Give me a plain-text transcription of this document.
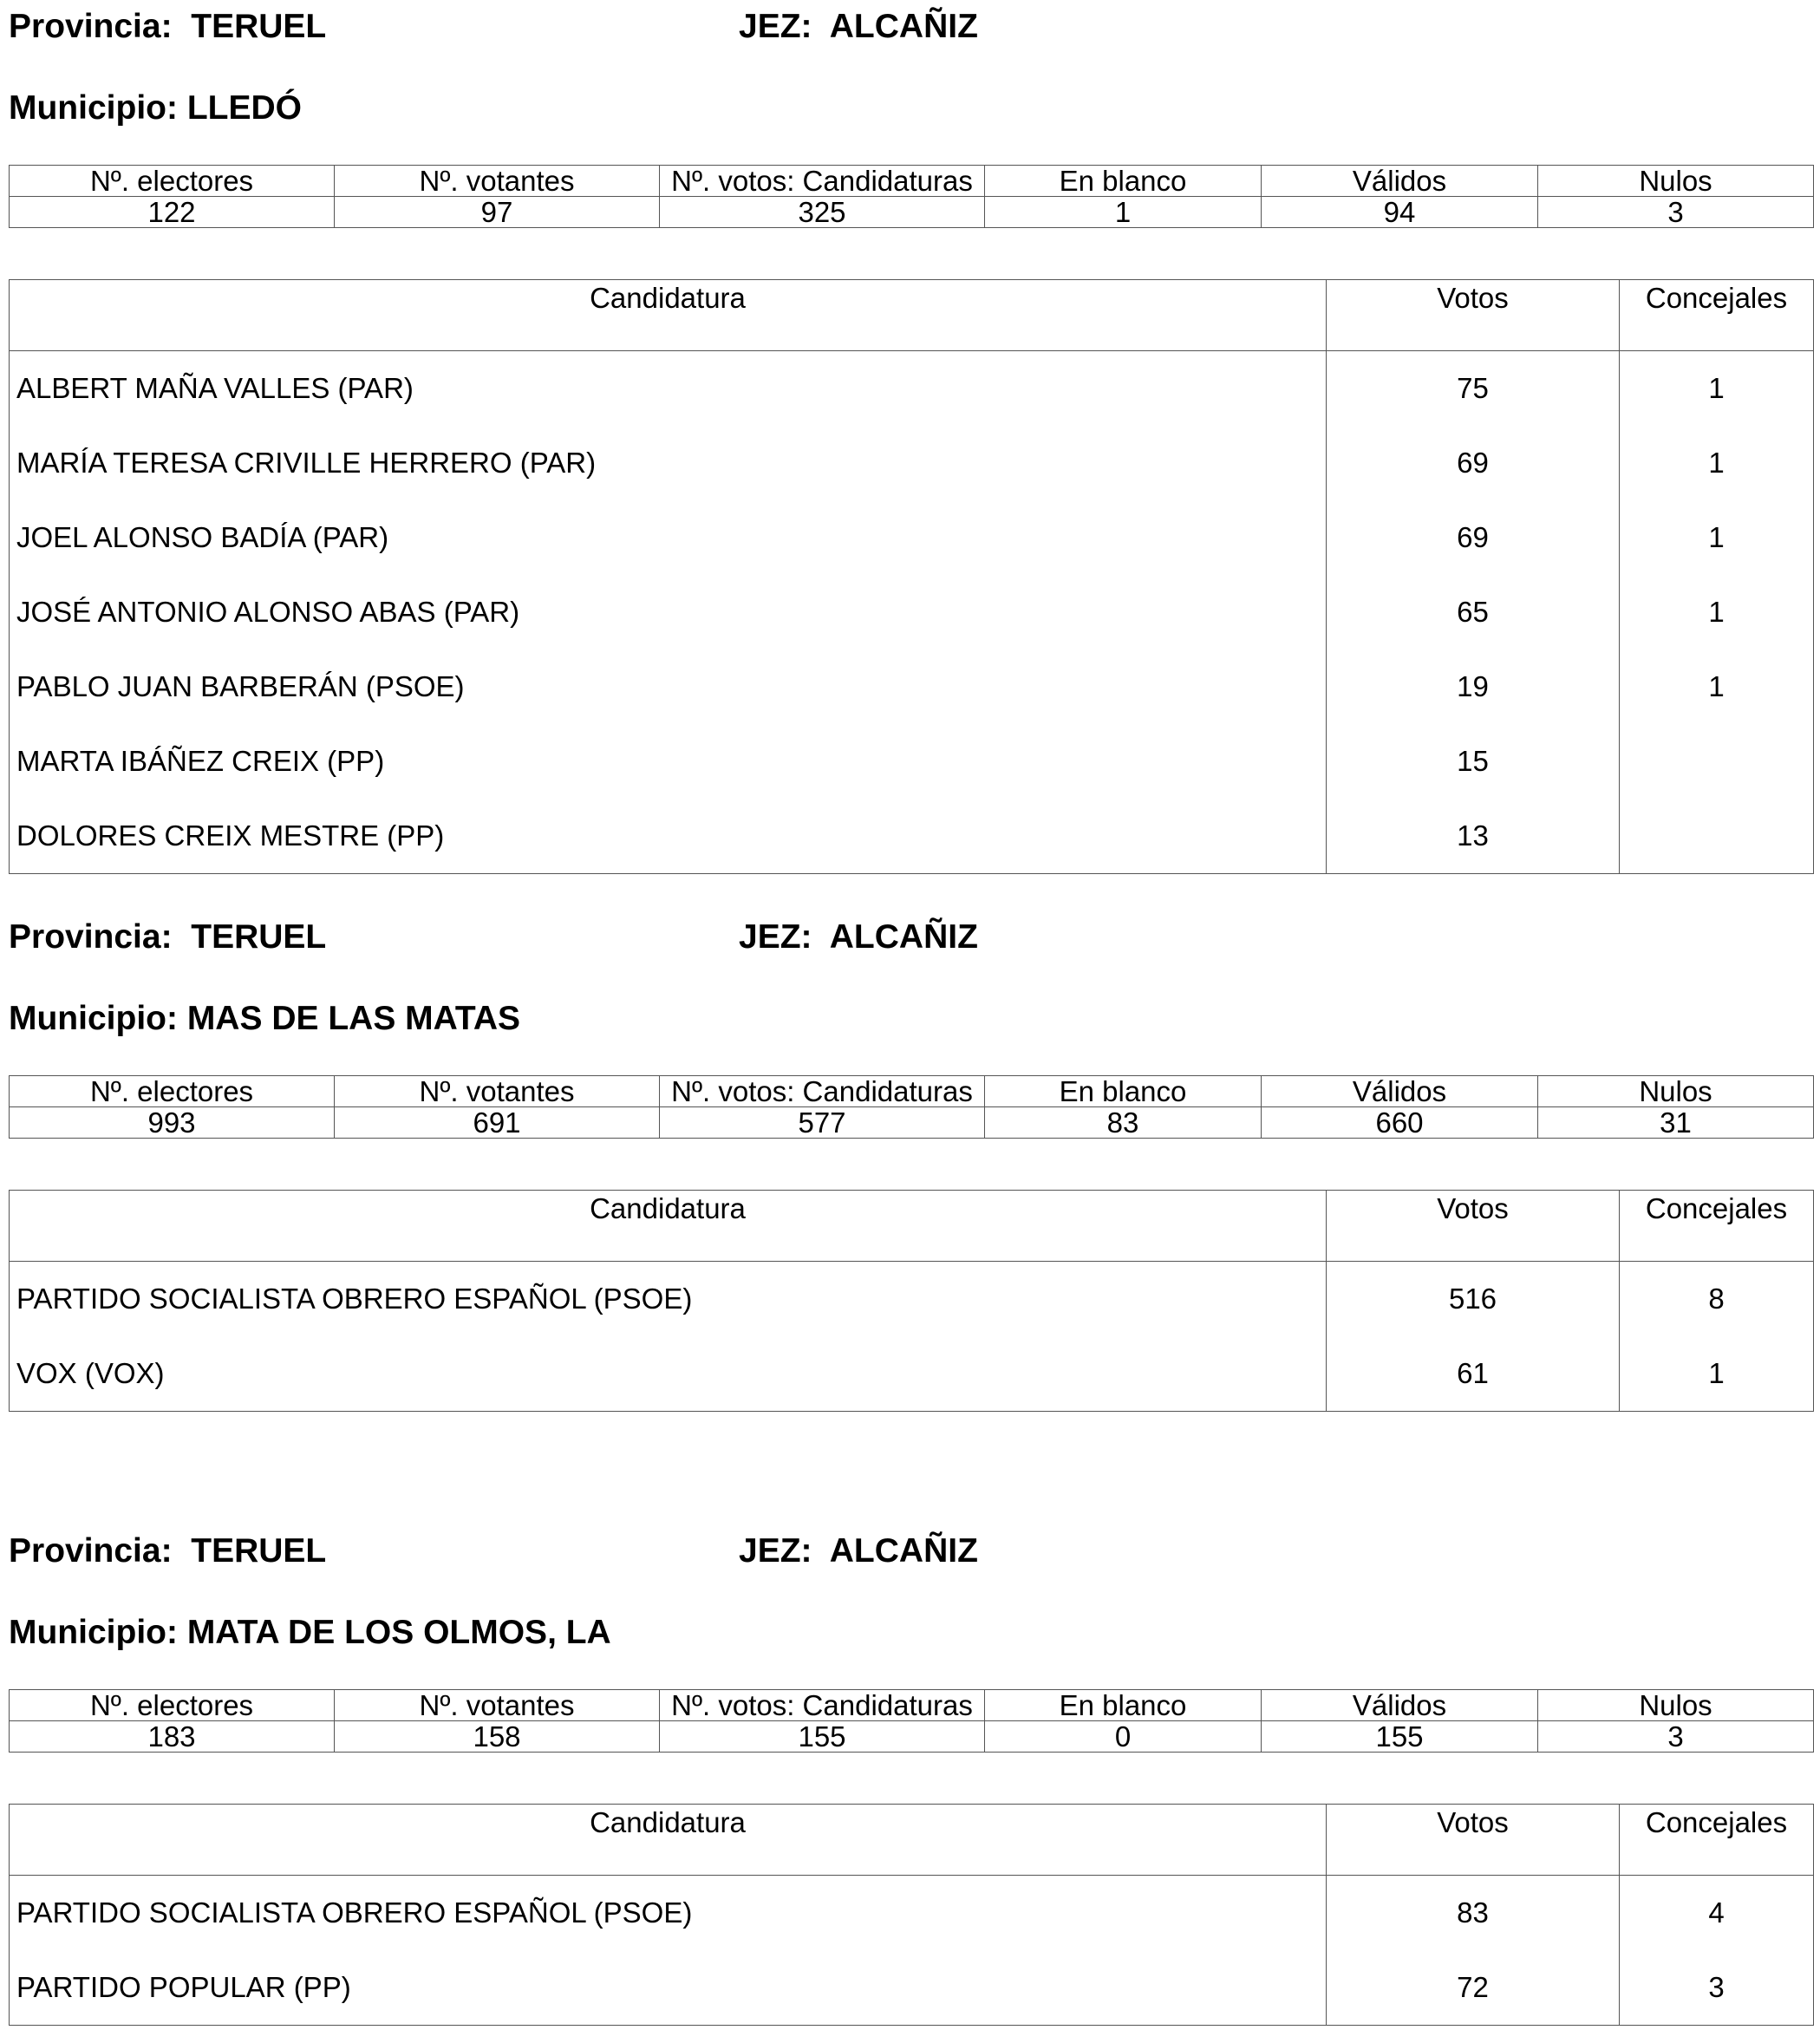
Provincia: TERUEL	JEZ: ALCAÑIZ
Municipio: LLEDÓ
Nº. electores	Nº. votantes	Nº. votos: Candidaturas	En blanco	Válidos	Nulos
122	97	325	1	94	3
Candidatura	Votos	Concejales
ALBERT MAÑA VALLES (PAR)	75	1
MARÍA TERESA CRIVILLE HERRERO (PAR)	69	1
JOEL ALONSO BADÍA (PAR)	69	1
JOSÉ ANTONIO ALONSO ABAS (PAR)	65	1
PABLO JUAN BARBERÁN (PSOE)	19	1
MARTA IBÁÑEZ CREIX (PP)	15	
DOLORES CREIX MESTRE (PP)	13	
Provincia: TERUEL	JEZ: ALCAÑIZ
Municipio: MAS DE LAS MATAS
Nº. electores	Nº. votantes	Nº. votos: Candidaturas	En blanco	Válidos	Nulos
993	691	577	83	660	31
Candidatura	Votos	Concejales
PARTIDO SOCIALISTA OBRERO ESPAÑOL (PSOE)	516	8
VOX (VOX)	61	1
Provincia: TERUEL	JEZ: ALCAÑIZ
Municipio: MATA DE LOS OLMOS, LA
Nº. electores	Nº. votantes	Nº. votos: Candidaturas	En blanco	Válidos	Nulos
183	158	155	0	155	3
Candidatura	Votos	Concejales
PARTIDO SOCIALISTA OBRERO ESPAÑOL (PSOE)	83	4
PARTIDO POPULAR (PP)	72	3
